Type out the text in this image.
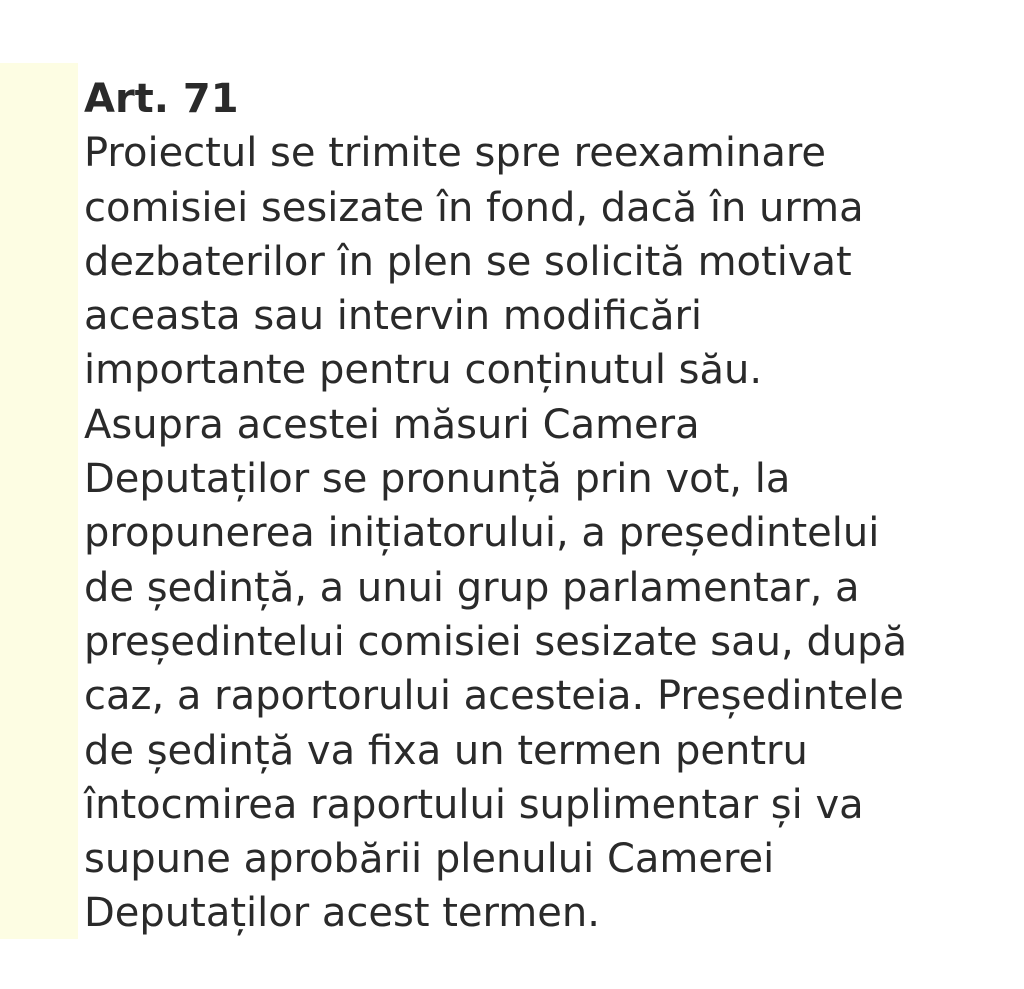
Art. 71
Proiectul se trimite spre reexaminare
comisiei sesizate în fond, dacă în urma
dezbaterilor în plen se solicită motivat
aceasta sau intervin modificări
importante pentru conținutul său.
Asupra acestei măsuri Camera
Deputaților se pronunță prin vot, la
propunerea inițiatorului, a președintelui
de ședință, a unui grup parlamentar, a
președintelui comisiei sesizate sau, după
caz, a raportorului acesteia. Președintele
de ședință va fixa un termen pentru
întocmirea raportului suplimentar și va
supune aprobării plenului Camerei
Deputaților acest termen.
